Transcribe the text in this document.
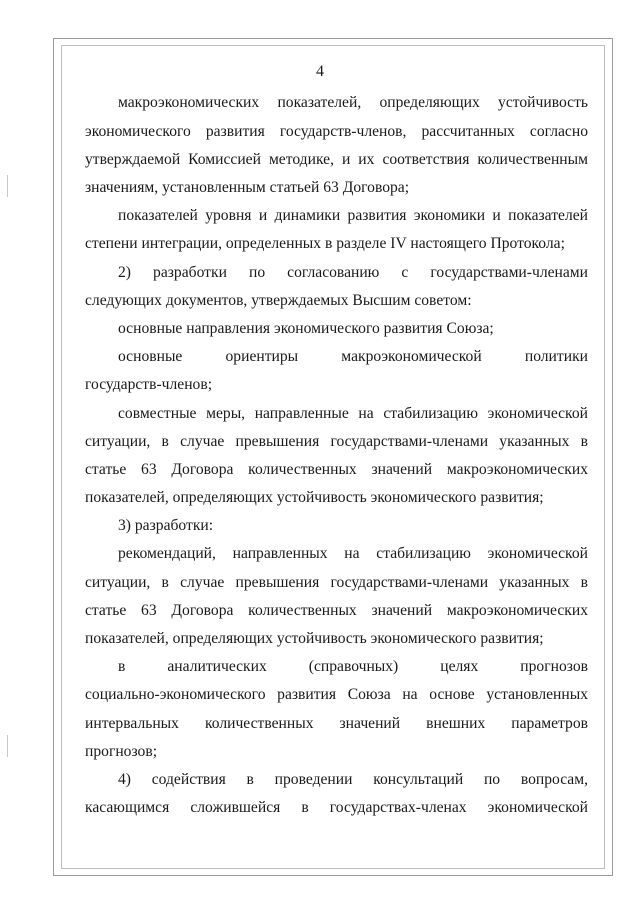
4
макроэкономических показателей, определяющих устойчивость
экономического развития государств-членов, рассчитанных согласно
утверждаемой Комиссией методике, и их соответствия количественным
значениям, установленным статьей 63 Договора;
показателей уровня и динамики развития экономики и показателей
степени интеграции, определенных в разделе IV настоящего Протокола;
2) разработки по согласованию с государствами-членами
следующих документов, утверждаемых Высшим советом:
основные направления экономического развития Союза;
основные ориентиры макроэкономической политики
государств-членов;
совместные меры, направленные на стабилизацию экономической
ситуации, в случае превышения государствами-членами указанных в
статье 63 Договора количественных значений макроэкономических
показателей, определяющих устойчивость экономического развития;
3) разработки:
рекомендаций, направленных на стабилизацию экономической
ситуации, в случае превышения государствами-членами указанных в
статье 63 Договора количественных значений макроэкономических
показателей, определяющих устойчивость экономического развития;
в аналитических (справочных) целях прогнозов
социально-экономического развития Союза на основе установленных
интервальных количественных значений внешних параметров
прогнозов;
4) содействия в проведении консультаций по вопросам,
касающимся сложившейся в государствах-членах экономической
